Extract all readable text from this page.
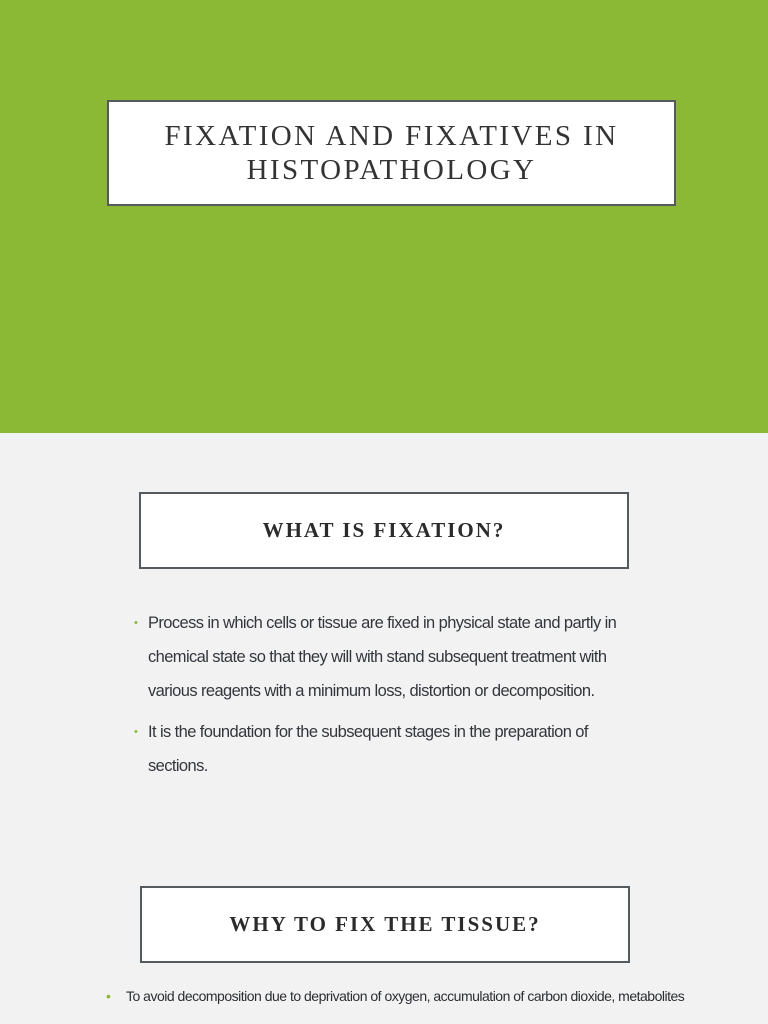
FIXATION AND FIXATIVES IN HISTOPATHOLOGY
WHAT IS FIXATION?
• Process in which cells or tissue are fixed in physical state and partly in chemical state so that they will with stand subsequent treatment with various reagents with a minimum loss, distortion or decomposition.
• It is the foundation for the subsequent stages in the preparation of sections.
WHY TO FIX THE TISSUE?
• To avoid decomposition due to deprivation of oxygen, accumulation of carbon dioxide, metabolites
